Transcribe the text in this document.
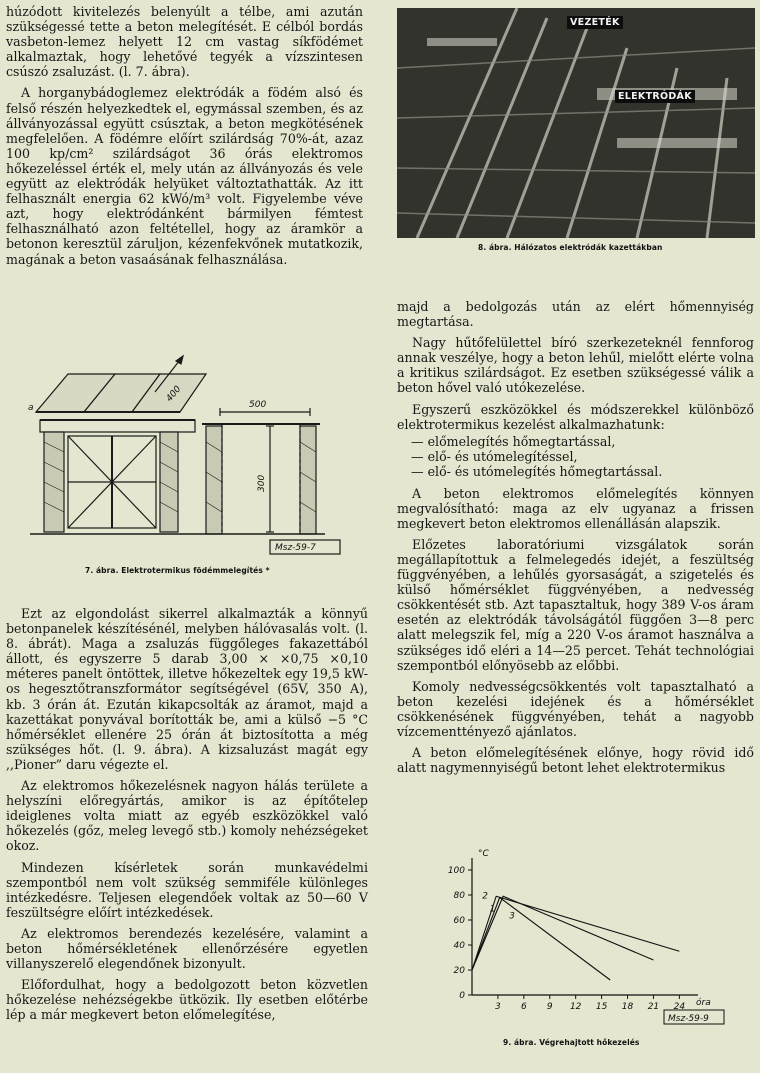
húzódott kivitelezés belenyúlt a télbe, ami azután szükségessé tette a beton melegítését. E célból bordás vasbeton-lemez helyett 12 cm vastag síkfödémet alkalmaztak, hogy lehetővé tegyék a vízszintesen csúszó zsaluzást. (l. 7. ábra).

A horganybádoglemez elektródák a födém alsó és felső részén helyezkedtek el, egymással szemben, és az állványozással együtt csúsztak, a beton megkötésének megfelelően. A födémre előírt szilárdság 70%-át, azaz 100 kp/cm² szilárdságot 36 órás elektromos hőkezeléssel érték el, mely után az állványozás és vele együtt az elektródák helyüket változtathatták. Az itt felhasznált energia 62 kWó/m³ volt. Figyelembe véve azt, hogy elektródánként bármilyen fémtest felhasználható azon feltétellel, hogy az áramkör a betonon keresztül záruljon, kézenfekvőnek mutatkozik, magának a beton vasaásának felhasználása.

500
400
300
a
Msz-59-7
7. ábra. Elektrotermikus födémmelegítés *

Ezt az elgondolást sikerrel alkalmazták a könnyű betonpanelek készítésénél, melyben hálóvasalás volt. (l. 8. ábrát). Maga a zsaluzás függőleges fakazettából állott, és egyszerre 5 darab 3,00 × ×0,75 ×0,10 méteres panelt öntöttek, illetve hőkezeltek egy 19,5 kW-os hegesztőtranszformátor segítségével (65V, 350 A), kb. 3 órán át. Ezután kikapcsolták az áramot, majd a kazettákat ponyvával borították be, ami a külső −5 °C hőmérséklet ellenére 25 órán át biztosította a még szükséges hőt. (l. 9. ábra). A kizsaluzást magát egy ,,Pioner” daru végezte el.

Az elektromos hőkezelésnek nagyon hálás területe a helyszíni előregyártás, amikor is az építőtelep ideiglenes volta miatt az egyéb eszközökkel való hőkezelés (gőz, meleg levegő stb.) komoly nehézségeket okoz.

Mindezen kísérletek során munkavédelmi szempontból nem volt szükség semmiféle különleges intézkedésre. Teljesen elegendőek voltak az 50—60 V feszültségre előírt intézkedések.

Az elektromos berendezés kezelésére, valamint a beton hőmérsékletének ellenőrzésére egyetlen villanyszerelő elegendőnek bizonyult.

Előfordulhat, hogy a bedolgozott beton közvetlen hőkezelése nehézségekbe ütközik. Ily esetben előtérbe lép a már megkevert beton előmelegítése,

VEZETÉK
ELEKTRÓDÁK
8. ábra. Hálózatos elektródák kazettákban

majd a bedolgozás után az elért hőmennyiség megtartása.

Nagy hűtőfelülettel bíró szerkezeteknél fennforog annak veszélye, hogy a beton lehűl, mielőtt elérte volna a kritikus szilárdságot. Ez esetben szükségessé válik a beton hővel való utókezelése.

Egyszerű eszközökkel és módszerekkel különböző elektrotermikus kezelést alkalmazhatunk:

— előmelegítés hőmegtartással,
— elő- és utómelegítéssel,
— elő- és utómelegítés hőmegtartással.

A beton elektromos előmelegítés könnyen megvalósítható: maga az elv ugyanaz a frissen megkevert beton elektromos ellenállásán alapszik.

Előzetes laboratóriumi vizsgálatok során megállapítottuk a felmelegedés idejét, a feszültség függvényében, a lehűlés gyorsaságát, a szigetelés és külső hőmérséklet függvényében, a nedvesség csökkentését stb. Azt tapasztaltuk, hogy 389 V-os áram esetén az elektródák távolságától függően 3—8 perc alatt melegszik fel, míg a 220 V-os áramot használva a szükséges idő eléri a 14—25 percet. Tehát technológiai szempontból előnyösebb az előbbi.

Komoly nedvességcsökkentés volt tapasztalható a beton kezelési idejének és a hőmérséklet csökkenésének függvényében, tehát a nagyobb vízcementtényező ajánlatos.

A beton előmelegítésének előnye, hogy rövid idő alatt nagymennyiségű betont lehet elektrotermikus

°C
óra
Msz-59-9
0
20
40
60
80
100
3 6 9 12 15 18 21 24
1
2
3
9. ábra. Végrehajtott hőkezelés
